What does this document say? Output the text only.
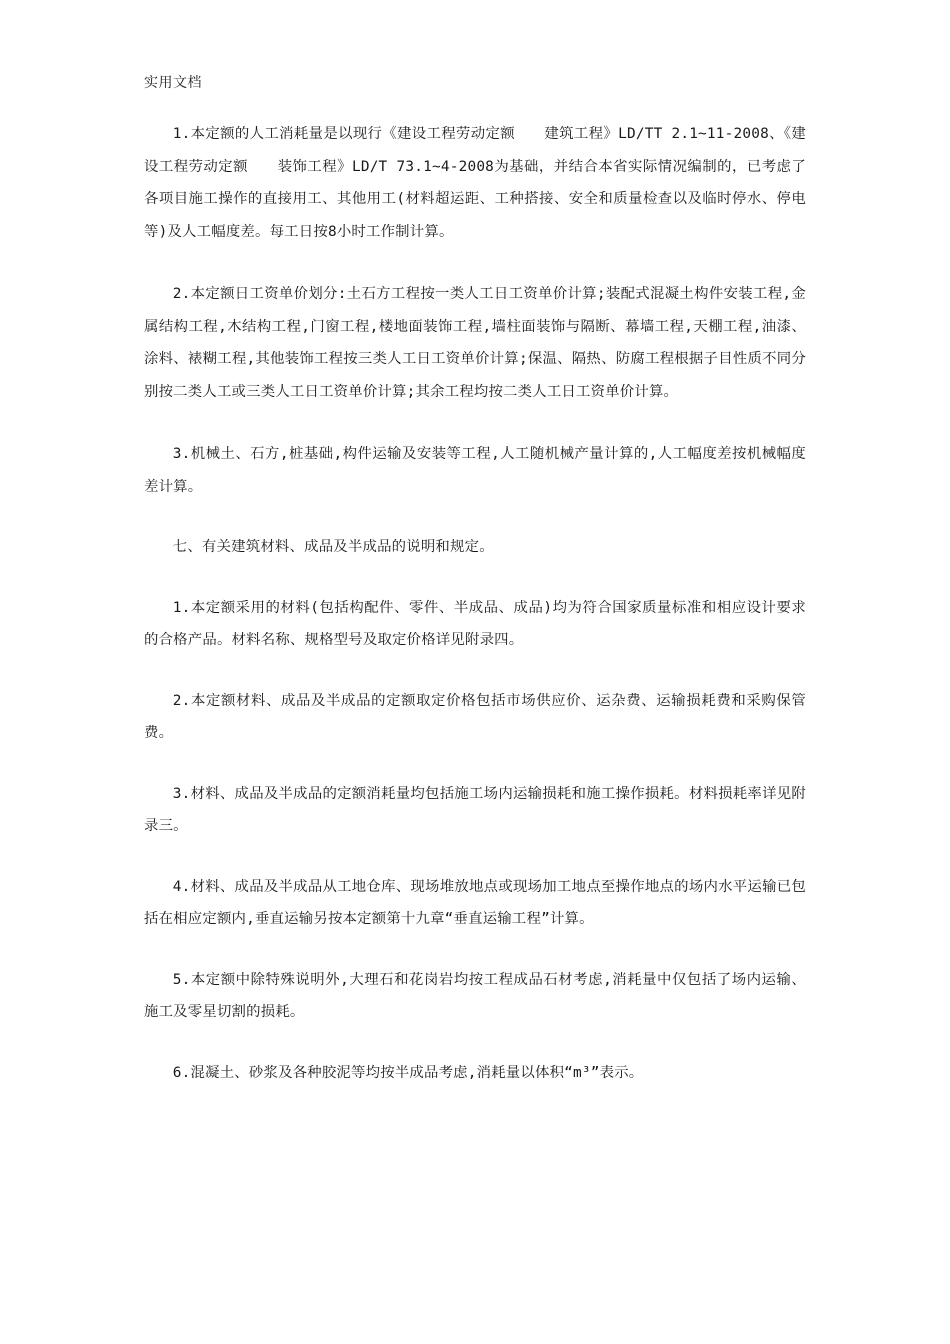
实用文档

1.本定额的人工消耗量是以现行《建设工程劳动定额　　建筑工程》LD/TT 2.1~11-2008、《建设工程劳动定额　　装饰工程》LD/T 73.1~4-2008为基础，并结合本省实际情况编制的，已考虑了各项目施工操作的直接用工、其他用工(材料超运距、工种搭接、安全和质量检查以及临时停水、停电等)及人工幅度差。每工日按8小时工作制计算。

2.本定额日工资单价划分:土石方工程按一类人工日工资单价计算;装配式混凝土构件安装工程,金属结构工程,木结构工程,门窗工程,楼地面装饰工程,墙柱面装饰与隔断、幕墙工程,天棚工程,油漆、涂料、裱糊工程,其他装饰工程按三类人工日工资单价计算;保温、隔热、防腐工程根据子目性质不同分别按二类人工或三类人工日工资单价计算;其余工程均按二类人工日工资单价计算。

3.机械土、石方,桩基础,构件运输及安装等工程,人工随机械产量计算的,人工幅度差按机械幅度差计算。

七、有关建筑材料、成品及半成品的说明和规定。

1.本定额采用的材料(包括构配件、零件、半成品、成品)均为符合国家质量标准和相应设计要求的合格产品。材料名称、规格型号及取定价格详见附录四。

2.本定额材料、成品及半成品的定额取定价格包括市场供应价、运杂费、运输损耗费和采购保管费。

3.材料、成品及半成品的定额消耗量均包括施工场内运输损耗和施工操作损耗。材料损耗率详见附录三。

4.材料、成品及半成品从工地仓库、现场堆放地点或现场加工地点至操作地点的场内水平运输已包括在相应定额内,垂直运输另按本定额第十九章“垂直运输工程”计算。

5.本定额中除特殊说明外,大理石和花岗岩均按工程成品石材考虑,消耗量中仅包括了场内运输、施工及零星切割的损耗。

6.混凝土、砂浆及各种胶泥等均按半成品考虑,消耗量以体积“m³”表示。
